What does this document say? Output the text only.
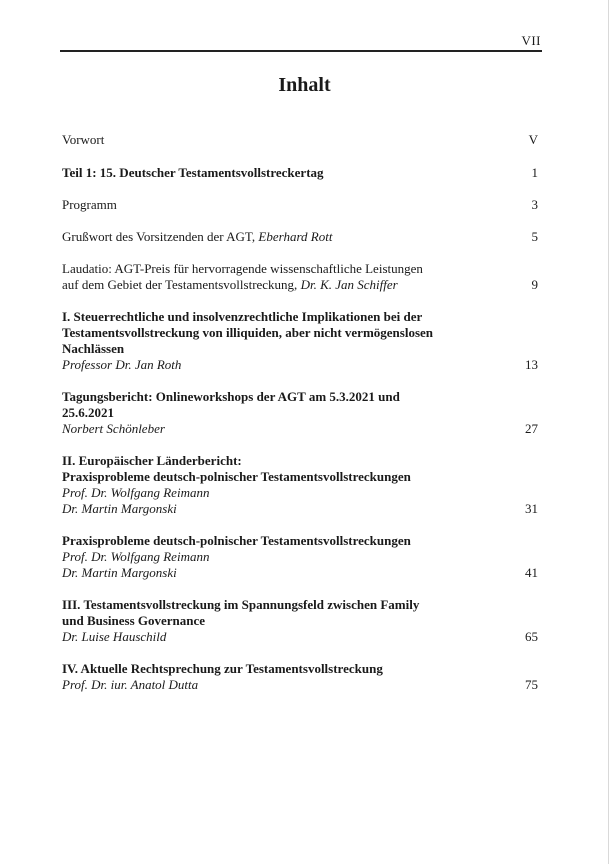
VII
Inhalt
Vorwort	V
Teil 1: 15. Deutscher Testamentsvollstreckertag	1
Programm	3
Grußwort des Vorsitzenden der AGT, Eberhard Rott	5
Laudatio: AGT-Preis für hervorragende wissenschaftliche Leistungen
auf dem Gebiet der Testamentsvollstreckung, Dr. K. Jan Schiffer	9
I. Steuerrechtliche und insolvenzrechtliche Implikationen bei der
Testamentsvollstreckung von illiquiden, aber nicht vermögenslosen
Nachlässen
Professor Dr. Jan Roth	13
Tagungsbericht: Onlineworkshops der AGT am 5.3.2021 und
25.6.2021
Norbert Schönleber	27
II. Europäischer Länderbericht:
Praxisprobleme deutsch-polnischer Testamentsvollstreckungen
Prof. Dr. Wolfgang Reimann
Dr. Martin Margonski	31
Praxisprobleme deutsch-polnischer Testamentsvollstreckungen
Prof. Dr. Wolfgang Reimann
Dr. Martin Margonski	41
III. Testamentsvollstreckung im Spannungsfeld zwischen Family
und Business Governance
Dr. Luise Hauschild	65
IV. Aktuelle Rechtsprechung zur Testamentsvollstreckung
Prof. Dr. iur. Anatol Dutta	75
